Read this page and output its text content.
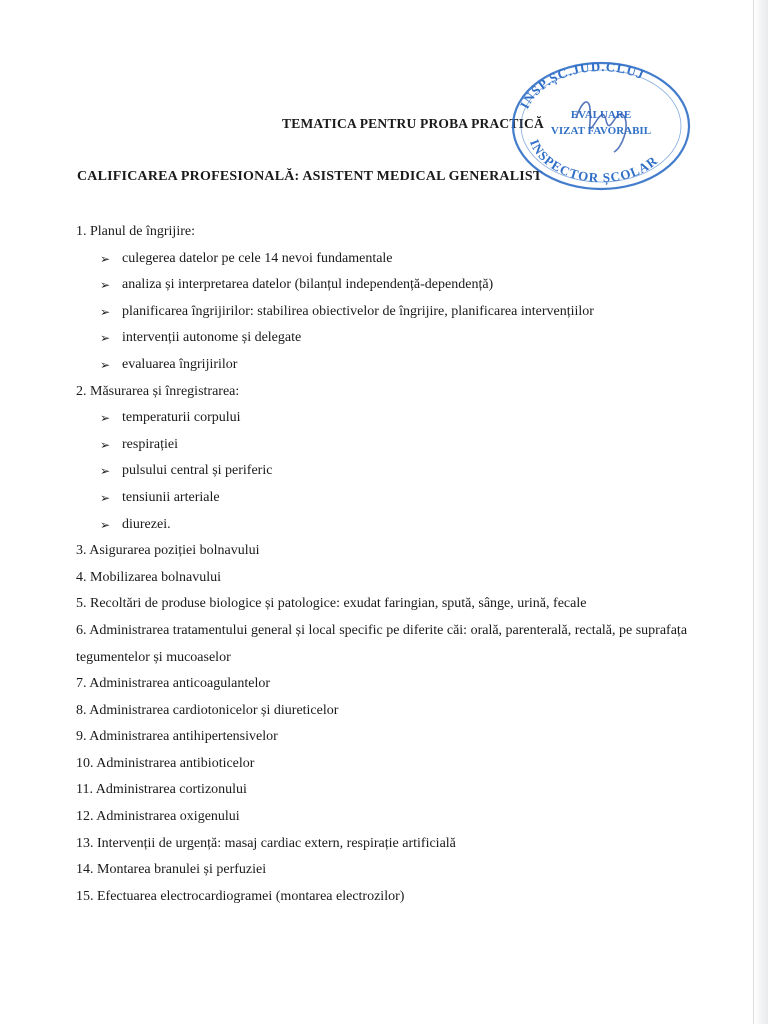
TEMATICA PENTRU PROBA PRACTICĂ
CALIFICAREA PROFESIONALĂ: ASISTENT MEDICAL GENERALIST

1. Planul de îngrijire:

➢ culegerea datelor pe cele 14 nevoi fundamentale
➢ analiza și interpretarea datelor (bilanțul independență-dependență)
➢ planificarea îngrijirilor: stabilirea obiectivelor de îngrijire, planificarea intervențiilor
➢ intervenții autonome și delegate
➢ evaluarea îngrijirilor

2. Măsurarea și înregistrarea:

➢ temperaturii corpului
➢ respirației
➢ pulsului central și periferic
➢ tensiunii arteriale
➢ diurezei.

3. Asigurarea poziției bolnavului

4. Mobilizarea bolnavului

5. Recoltări de produse biologice și patologice: exudat faringian, spută, sânge, urină, fecale

6. Administrarea tratamentului general și local specific pe diferite căi: orală, parenterală, rectală, pe suprafața tegumentelor și mucoaselor

7. Administrarea anticoagulantelor

8. Administrarea cardiotonicelor și diureticelor

9. Administrarea antihipertensivelor

10. Administrarea antibioticelor

11. Administrarea cortizonului

12. Administrarea oxigenului

13. Intervenții de urgență: masaj cardiac extern, respirație artificială

14. Montarea branulei și perfuziei

15. Efectuarea electrocardiogramei (montarea electrozilor)

INSP.ȘC.JUD.CLUJ
INSPECTOR ȘCOLAR
EVALUARE
VIZAT FAVORABIL
